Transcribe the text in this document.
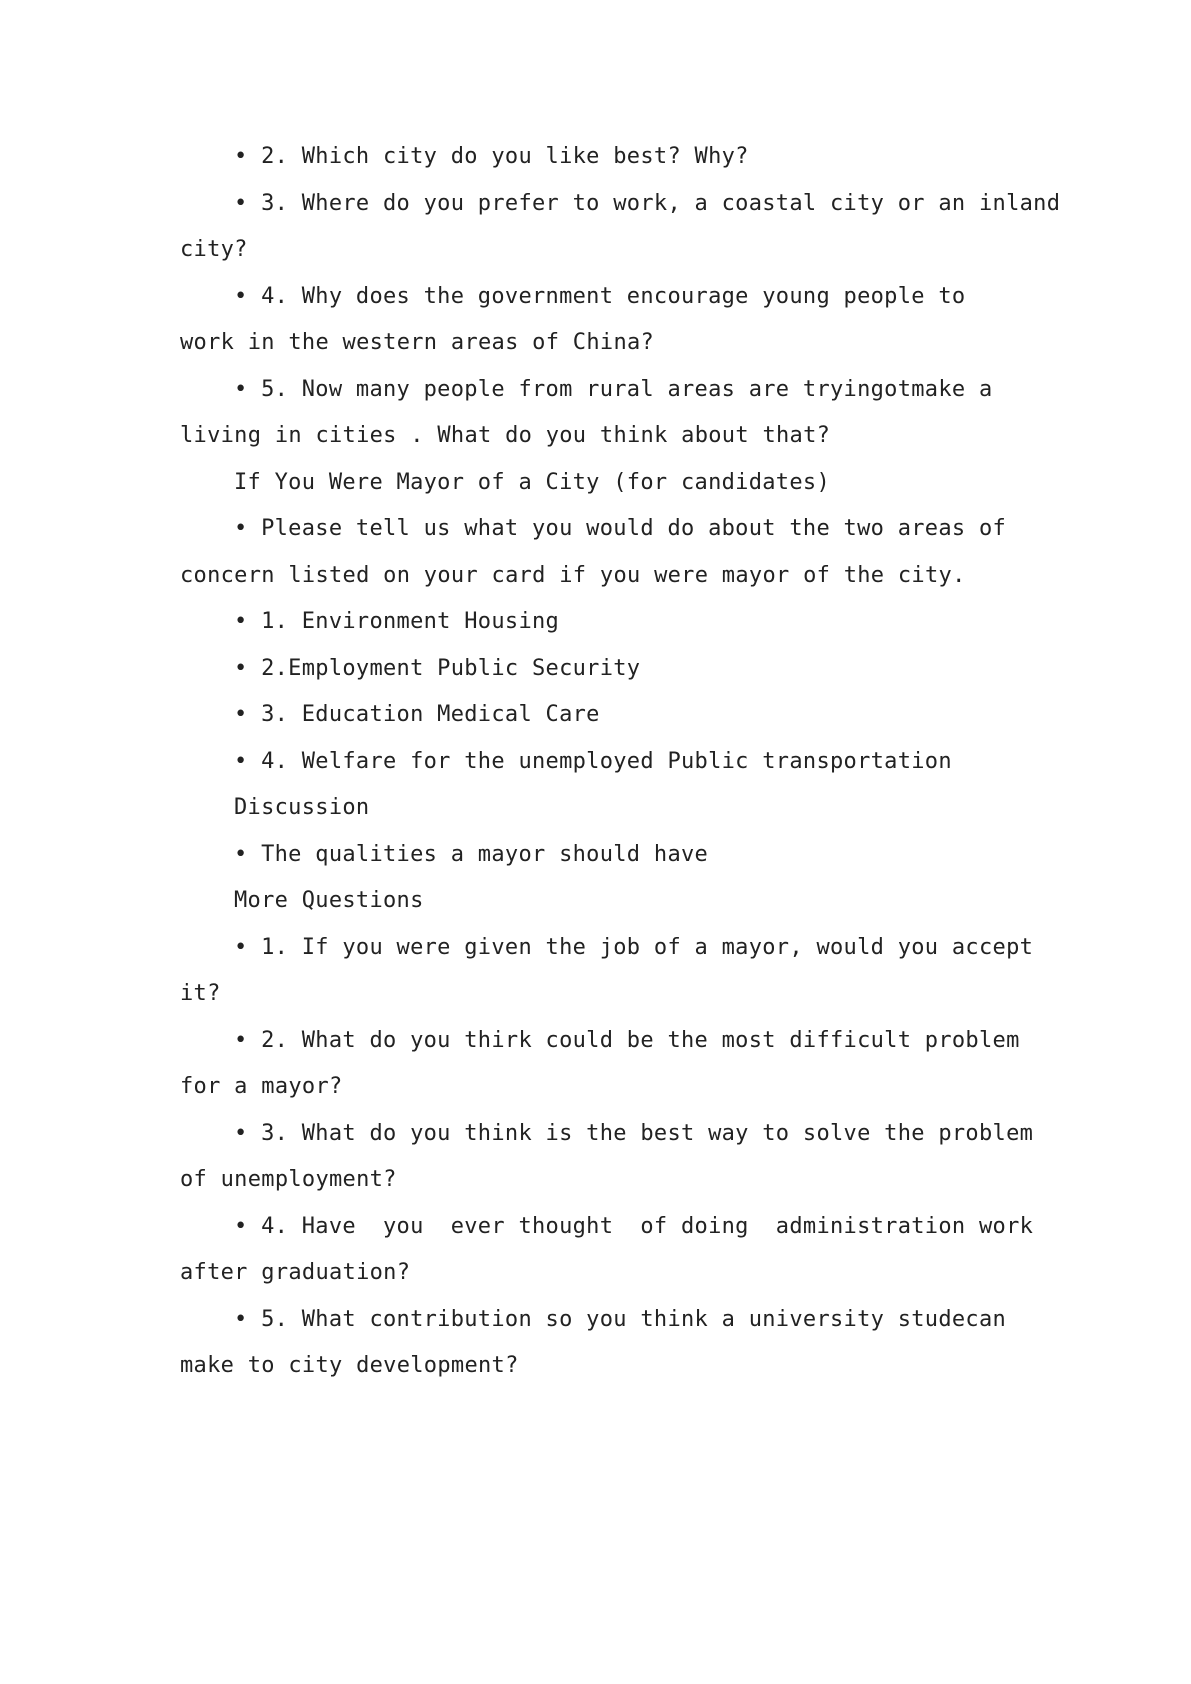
• 2. Which city do you like best? Why?
• 3. Where do you prefer to work, a coastal city or an inland
city?
• 4. Why does the government encourage young people to
work in the western areas of China?
• 5. Now many people from rural areas are tryingotmake a
living in cities . What do you think about that?
If You Were Mayor of a City (for candidates)
• Please tell us what you would do about the two areas of
concern listed on your card if you were mayor of the city.
• 1. Environment Housing
• 2.Employment Public Security
• 3. Education Medical Care
• 4. Welfare for the unemployed Public transportation
Discussion
• The qualities a mayor should have
More Questions
• 1. If you were given the job of a mayor, would you accept
it?
• 2. What do you thirk could be the most difficult problem
for a mayor?
• 3. What do you think is the best way to solve the problem
of unemployment?
• 4. Have  you  ever thought  of doing  administration work
after graduation?
• 5. What contribution so you think a university studecan
make to city development?
